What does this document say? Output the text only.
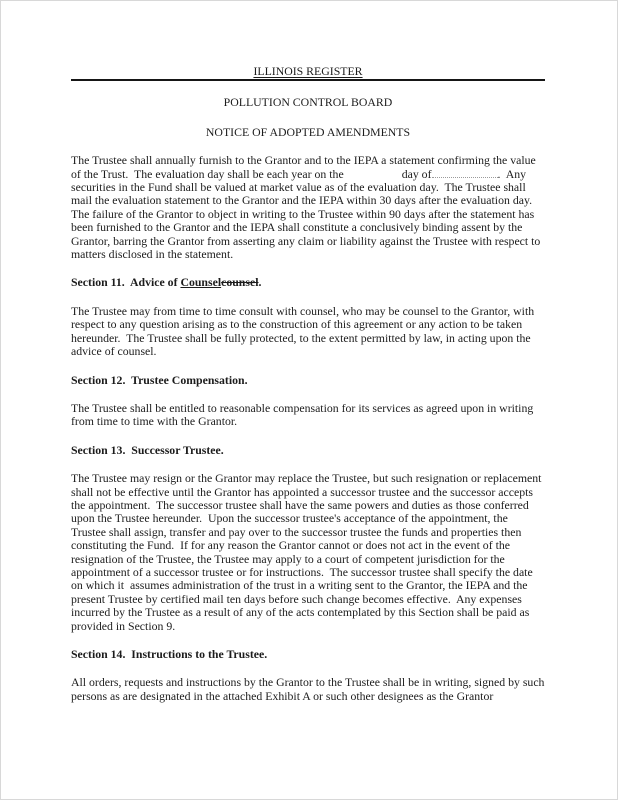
ILLINOIS REGISTER
POLLUTION CONTROL BOARD
NOTICE OF ADOPTED AMENDMENTS

The Trustee shall annually furnish to the Grantor and to the IEPA a statement confirming the value of the Trust.  The evaluation day shall be each year on the	day of	.  Any securities in the Fund shall be valued at market value as of the evaluation day.  The Trustee shall mail the evaluation statement to the Grantor and the IEPA within 30 days after the evaluation day.  The failure of the Grantor to object in writing to the Trustee within 90 days after the statement has been furnished to the Grantor and the IEPA shall constitute a conclusively binding assent by the Grantor, barring the Grantor from asserting any claim or liability against the Trustee with respect to matters disclosed in the statement.

Section 11.  Advice of Counselcounsel.

The Trustee may from time to time consult with counsel, who may be counsel to the Grantor, with respect to any question arising as to the construction of this agreement or any action to be taken hereunder.  The Trustee shall be fully protected, to the extent permitted by law, in acting upon the advice of counsel.

Section 12.  Trustee Compensation.

The Trustee shall be entitled to reasonable compensation for its services as agreed upon in writing from time to time with the Grantor.

Section 13.  Successor Trustee.

The Trustee may resign or the Grantor may replace the Trustee, but such resignation or replacement shall not be effective until the Grantor has appointed a successor trustee and the successor accepts the appointment.  The successor trustee shall have the same powers and duties as those conferred upon the Trustee hereunder.  Upon the successor trustee's acceptance of the appointment, the Trustee shall assign, transfer and pay over to the successor trustee the funds and properties then constituting the Fund.  If for any reason the Grantor cannot or does not act in the event of the resignation of the Trustee, the Trustee may apply to a court of competent jurisdiction for the appointment of a successor trustee or for instructions.  The successor trustee shall specify the date on which it  assumes administration of the trust in a writing sent to the Grantor, the IEPA and the present Trustee by certified mail ten days before such change becomes effective.  Any expenses incurred by the Trustee as a result of any of the acts contemplated by this Section shall be paid as provided in Section 9.

Section 14.  Instructions to the Trustee.

All orders, requests and instructions by the Grantor to the Trustee shall be in writing, signed by such persons as are designated in the attached Exhibit A or such other designees as the Grantor
